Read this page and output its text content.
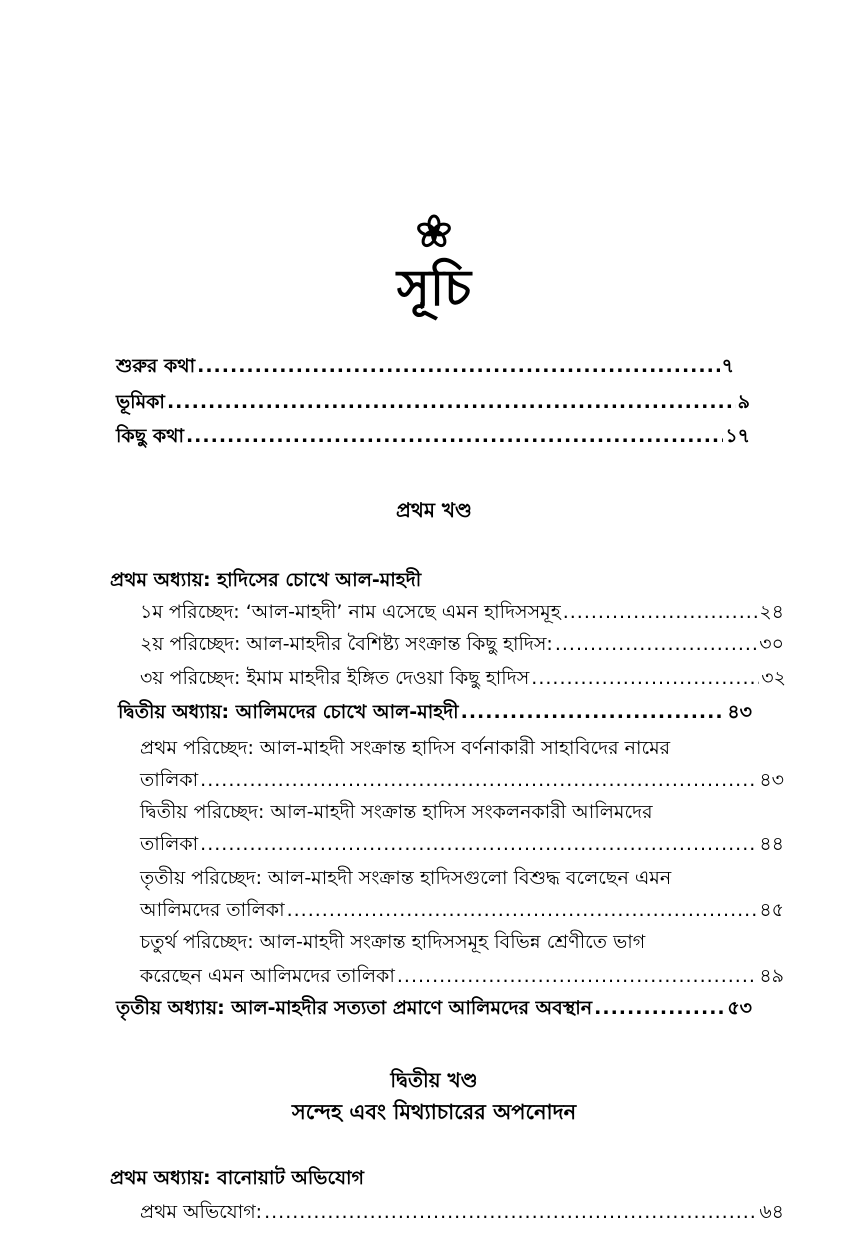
সূচি
শুরুর কথা .....	৭
ভূমিকা .....	৯
কিছু কথা .....	১৭
প্রথম খণ্ড
প্রথম অধ্যায়: হাদিসের চোখে আল-মাহদী
১ম পরিচ্ছেদ: ‘আল-মাহদী’ নাম এসেছে এমন হাদিসসমূহ .....	২৪
২য় পরিচ্ছেদ: আল-মাহদীর বৈশিষ্ট্য সংক্রান্ত কিছু হাদিস: .....	৩০
৩য় পরিচ্ছেদ: ইমাম মাহদীর ইঙ্গিত দেওয়া কিছু হাদিস .....	৩২
দ্বিতীয় অধ্যায়: আলিমদের চোখে আল-মাহদী .....	৪৩
প্রথম পরিচ্ছেদ: আল-মাহদী সংক্রান্ত হাদিস বর্ণনাকারী সাহাবিদের নামের
তালিকা .....	৪৩
দ্বিতীয় পরিচ্ছেদ: আল-মাহদী সংক্রান্ত হাদিস সংকলনকারী আলিমদের
তালিকা .....	৪৪
তৃতীয় পরিচ্ছেদ: আল-মাহদী সংক্রান্ত হাদিসগুলো বিশুদ্ধ বলেছেন এমন
আলিমদের তালিকা .....	৪৫
চতুর্থ পরিচ্ছেদ: আল-মাহদী সংক্রান্ত হাদিসসমূহ বিভিন্ন শ্রেণীতে ভাগ
করেছেন এমন আলিমদের তালিকা .....	৪৯
তৃতীয় অধ্যায়: আল-মাহদীর সত্যতা প্রমাণে আলিমদের অবস্থান .....	৫৩
দ্বিতীয় খণ্ড
সন্দেহ এবং মিথ্যাচারের অপনোদন
প্রথম অধ্যায়: বানোয়াট অভিযোগ
প্রথম অভিযোগ: .....	৬৪
